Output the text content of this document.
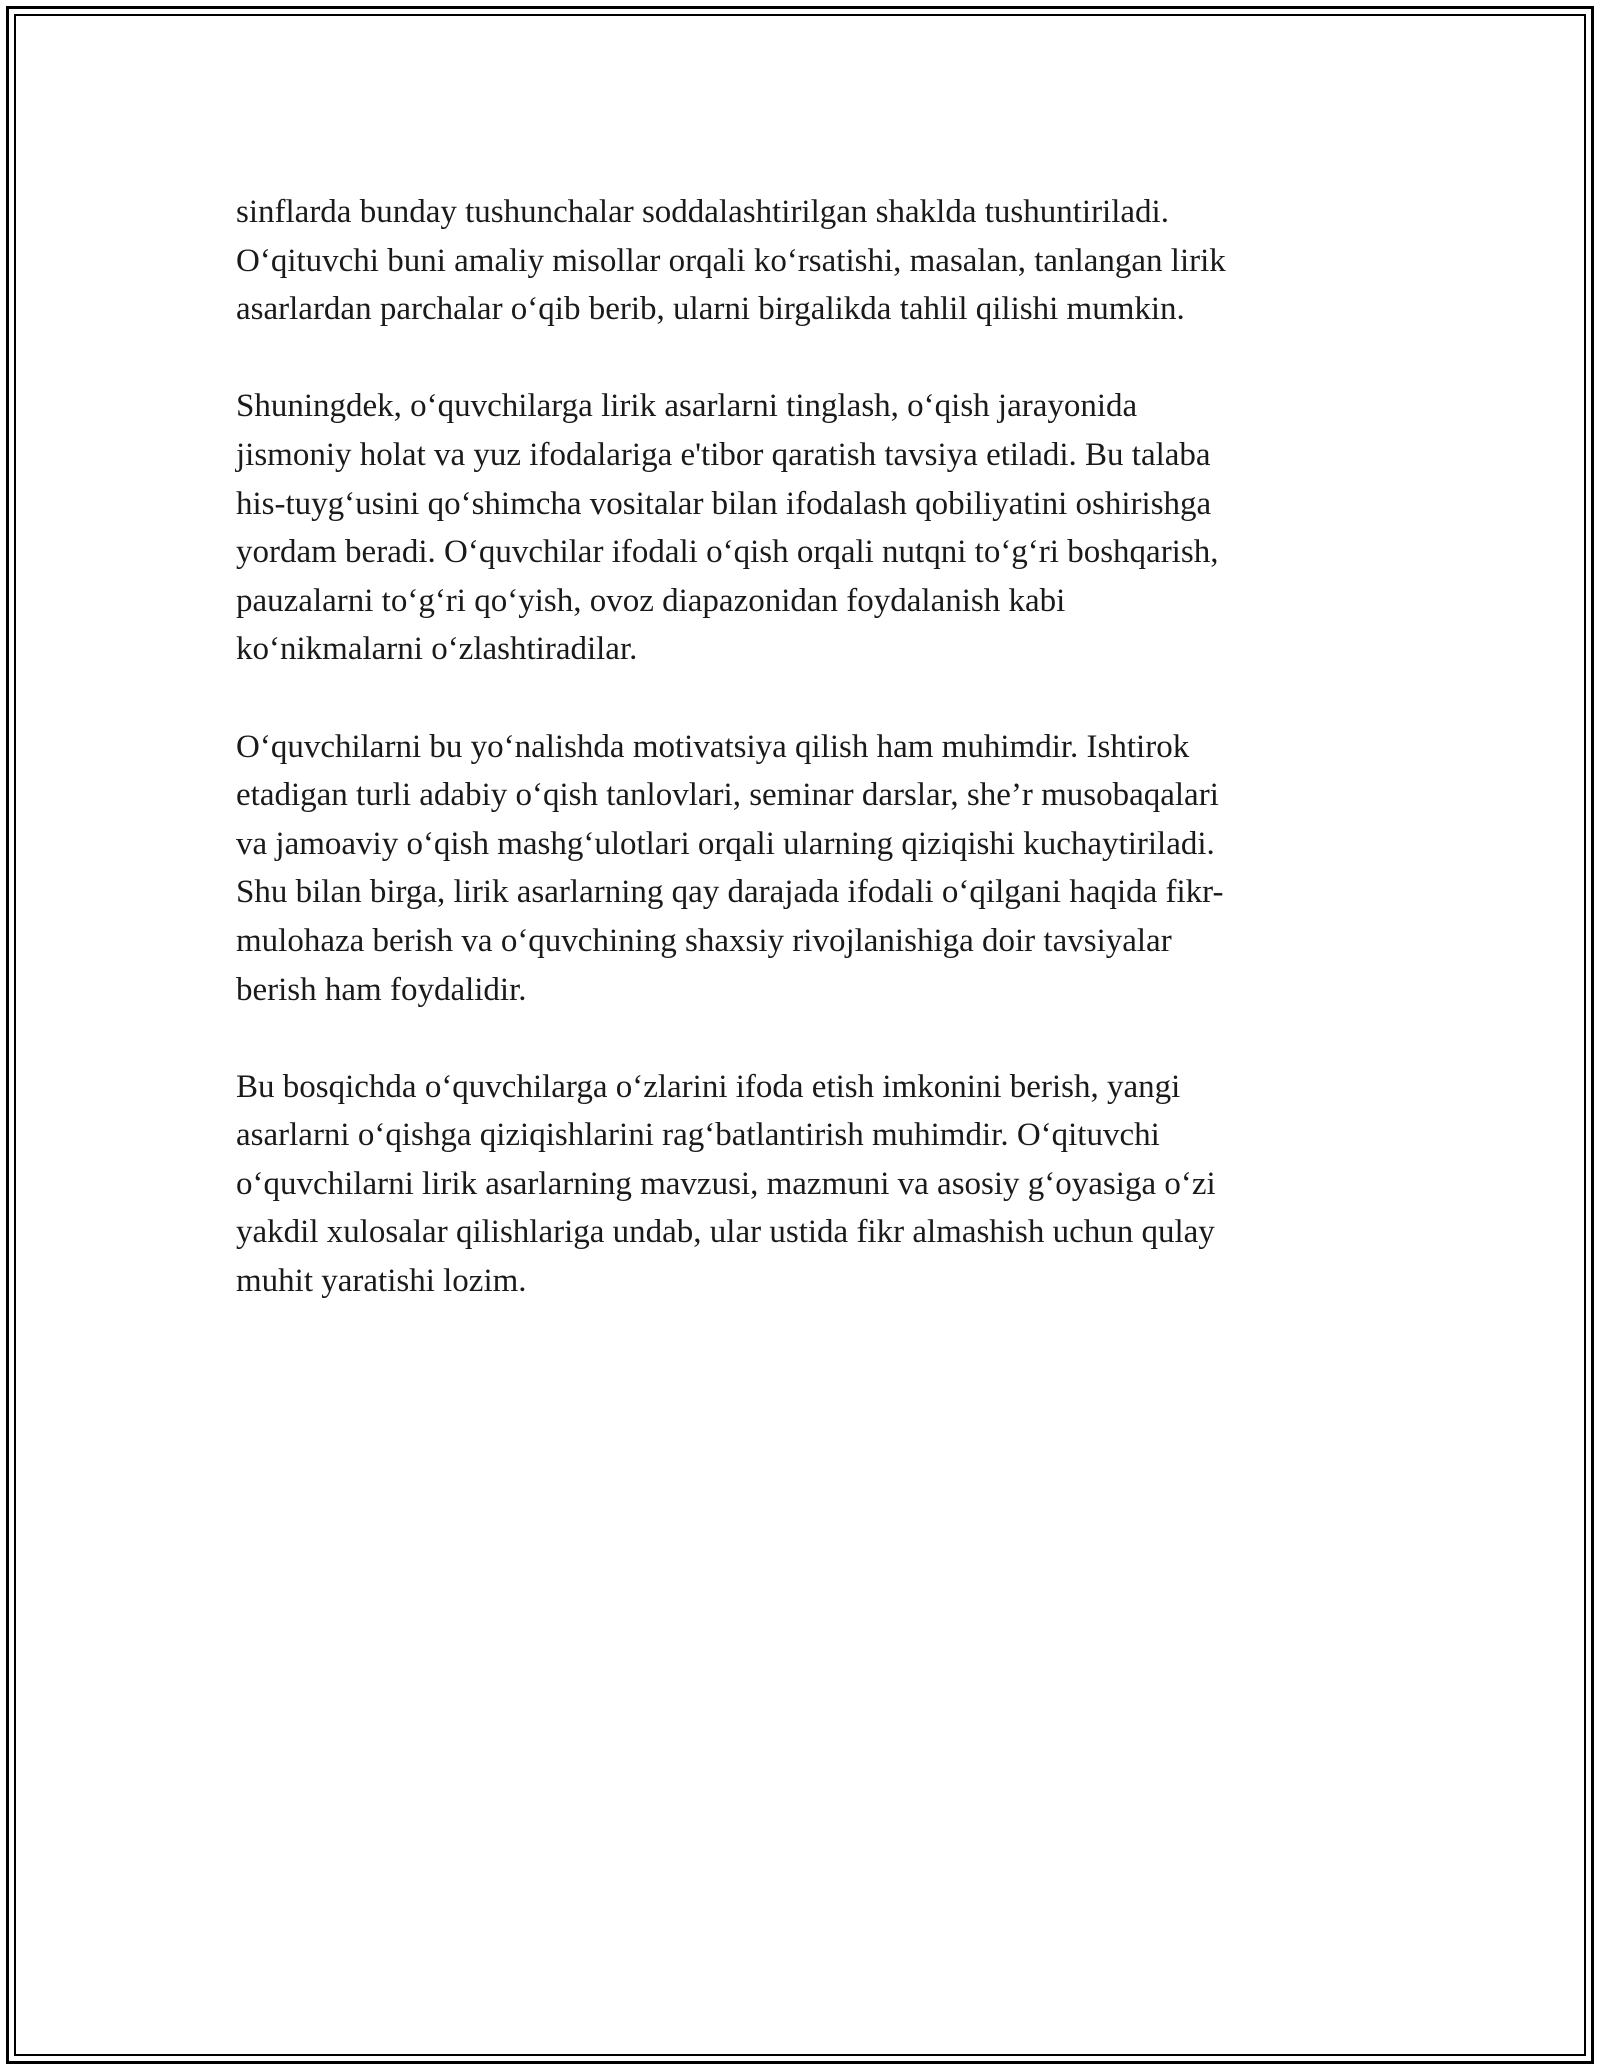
sinflarda bunday tushunchalar soddalashtirilgan shaklda tushuntiriladi.
Oʻqituvchi buni amaliy misollar orqali koʻrsatishi, masalan, tanlangan lirik
asarlardan parchalar oʻqib berib, ularni birgalikda tahlil qilishi mumkin.

Shuningdek, oʻquvchilarga lirik asarlarni tinglash, oʻqish jarayonida
jismoniy holat va yuz ifodalariga e'tibor qaratish tavsiya etiladi. Bu talaba
his-tuygʻusini qoʻshimcha vositalar bilan ifodalash qobiliyatini oshirishga
yordam beradi. Oʻquvchilar ifodali oʻqish orqali nutqni toʻgʻri boshqarish,
pauzalarni toʻgʻri qoʻyish, ovoz diapazonidan foydalanish kabi
koʻnikmalarni oʻzlashtiradilar.

Oʻquvchilarni bu yoʻnalishda motivatsiya qilish ham muhimdir. Ishtirok
etadigan turli adabiy oʻqish tanlovlari, seminar darslar, she’r musobaqalari
va jamoaviy oʻqish mashgʻulotlari orqali ularning qiziqishi kuchaytiriladi.
Shu bilan birga, lirik asarlarning qay darajada ifodali oʻqilgani haqida fikr-
mulohaza berish va oʻquvchining shaxsiy rivojlanishiga doir tavsiyalar
berish ham foydalidir.

Bu bosqichda oʻquvchilarga oʻzlarini ifoda etish imkonini berish, yangi
asarlarni oʻqishga qiziqishlarini ragʻbatlantirish muhimdir. Oʻqituvchi
oʻquvchilarni lirik asarlarning mavzusi, mazmuni va asosiy gʻoyasiga oʻzi
yakdil xulosalar qilishlariga undab, ular ustida fikr almashish uchun qulay
muhit yaratishi lozim.
